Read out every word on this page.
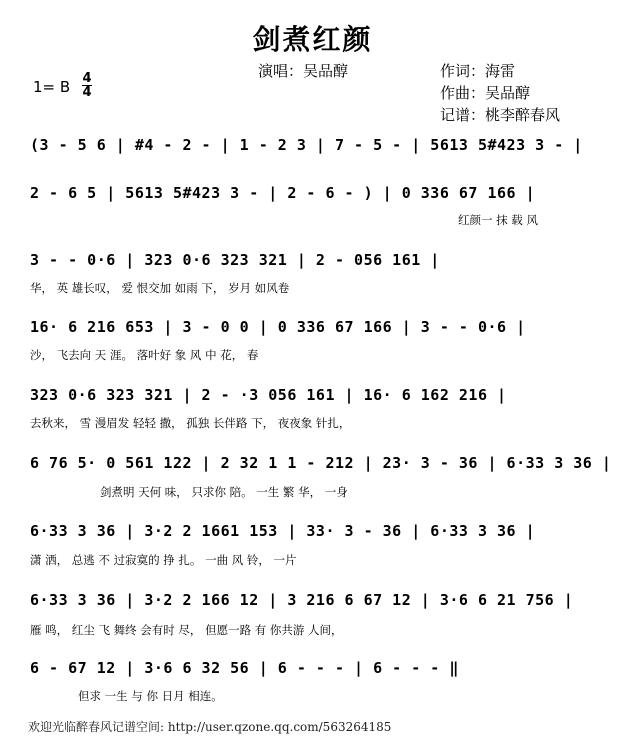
剑煮红颜
演唱：吴品醇	作词：海雷
作曲：吴品醇
记谱：桃李醉春风
1= B 4
4
(3 - 5 6 | #4 - 2 - | 1 - 2 3 | 7 - 5 - | 5613 5#423 3 - |
2 - 6 5 | 5613 5#423 3 - | 2 - 6 - ) | 0 336 67 166 |
红颜一 抹 载 风
3 - - 0·6 | 323 0·6 323 321 | 2 - 056 161 |
华， 英 雄长叹， 爱 恨交加 如雨 下， 岁月 如风卷
16· 6 216 653 | 3 - 0 0 | 0 336 67 166 | 3 - - 0·6 |
沙， 飞去向 天 涯。 落叶好 象 风 中 花， 春
323 0·6 323 321 | 2 - ·3 056 161 | 16· 6 162 216 |
去秋来， 雪 漫眉发 轻轻 撒， 孤独 长伴路 下， 夜夜象 针扎，
6 76 5· 0 561 122 | 2 32 1 1 - 212 | 23· 3 - 36 | 6·33 3 36 |
剑煮明 天何 味， 只求你 陪。 一生 繁 华， 一身
6·33 3 36 | 3·2 2 1661 153 | 33· 3 - 36 | 6·33 3 36 |
潇 洒， 总逃 不 过寂寞的 挣 扎。 一曲 风 铃， 一片
6·33 3 36 | 3·2 2 166 12 | 3 216 6 67 12 | 3·6 6 21 756 |
雁 鸣， 红尘 飞 舞终 会有时 尽， 但愿一路 有 你共游 人间，
6 - 67 12 | 3·6 6 32 56 | 6 - - - | 6 - - - ‖
但求 一生 与 你 日月 相连。
欢迎光临醉春风记谱空间: http://user.qzone.qq.com/563264185
